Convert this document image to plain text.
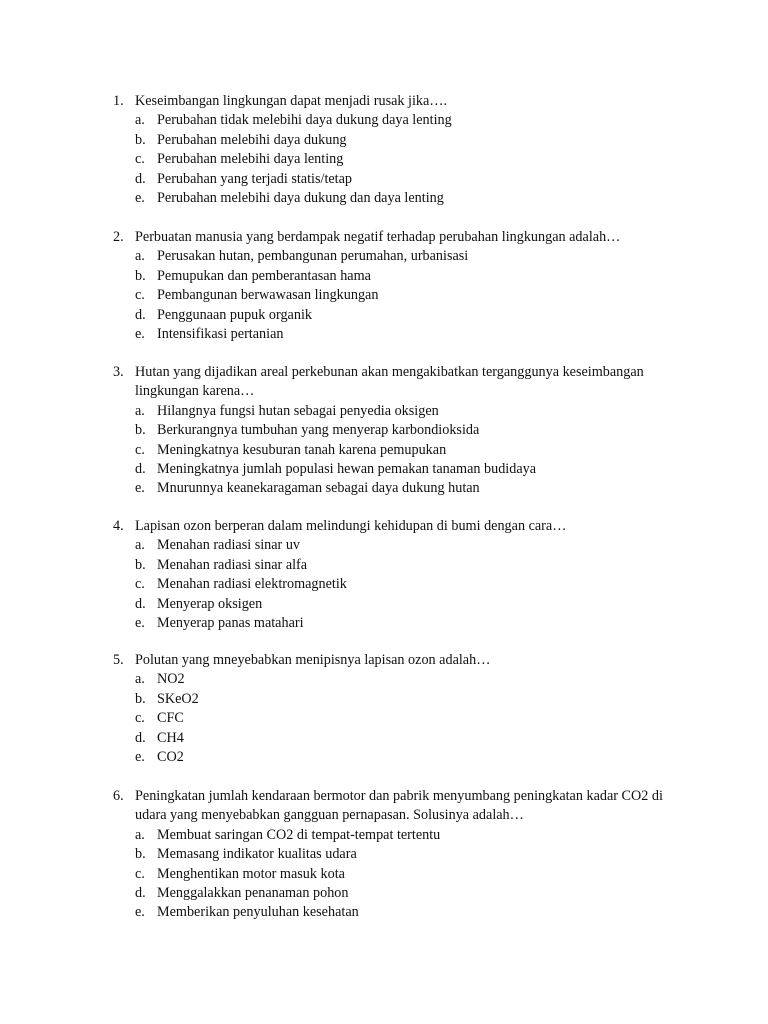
1. Keseimbangan lingkungan dapat menjadi rusak jika….
a. Perubahan tidak melebihi daya dukung daya lenting
b. Perubahan melebihi daya dukung
c. Perubahan melebihi daya lenting
d. Perubahan yang terjadi statis/tetap
e. Perubahan melebihi daya dukung dan daya lenting
2. Perbuatan manusia yang berdampak negatif terhadap perubahan lingkungan adalah…
a. Perusakan hutan, pembangunan perumahan, urbanisasi
b. Pemupukan dan pemberantasan hama
c. Pembangunan berwawasan lingkungan
d. Penggunaan pupuk organik
e. Intensifikasi pertanian
3. Hutan yang dijadikan areal perkebunan akan mengakibatkan terganggunya keseimbangan lingkungan karena…
a. Hilangnya fungsi hutan sebagai penyedia oksigen
b. Berkurangnya tumbuhan yang menyerap karbondioksida
c. Meningkatnya kesuburan tanah karena pemupukan
d. Meningkatnya jumlah populasi hewan pemakan tanaman budidaya
e. Mnurunnya keanekaragaman sebagai daya dukung hutan
4. Lapisan ozon berperan dalam melindungi kehidupan di bumi dengan cara…
a. Menahan radiasi sinar uv
b. Menahan radiasi sinar alfa
c. Menahan radiasi elektromagnetik
d. Menyerap oksigen
e. Menyerap panas matahari
5. Polutan yang mneyebabkan menipisnya lapisan ozon adalah…
a. NO2
b. SKeO2
c. CFC
d. CH4
e. CO2
6. Peningkatan jumlah kendaraan bermotor dan pabrik menyumbang peningkatan kadar CO2 di udara yang menyebabkan gangguan pernapasan. Solusinya adalah…
a. Membuat saringan CO2 di tempat-tempat tertentu
b. Memasang indikator kualitas udara
c. Menghentikan motor masuk kota
d. Menggalakkan penanaman pohon
e. Memberikan penyuluhan kesehatan
